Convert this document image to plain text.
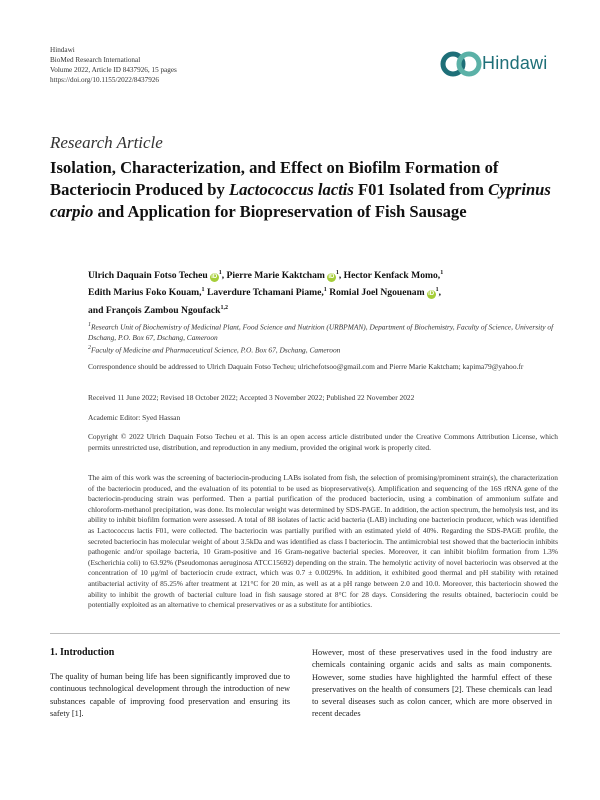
Hindawi
BioMed Research International
Volume 2022, Article ID 8437926, 15 pages
https://doi.org/10.1155/2022/8437926
Hindawi
Research Article
Isolation, Characterization, and Effect on Biofilm Formation of Bacteriocin Produced by Lactococcus lactis F01 Isolated from Cyprinus carpio and Application for Biopreservation of Fish Sausage
Ulrich Daquain Fotso Techeu $iD^1$, Pierre Marie Kaktcham $iD^1$, Hector Kenfack Momo,$^1$
Edith Marius Foko Kouam,$^1$ Laverdure Tchamani Piame,$^1$ Romial Joel Ngouenam $iD^1$,
and François Zambou Ngoufack$^{1,2}$
$^1$Research Unit of Biochemistry of Medicinal Plant, Food Science and Nutrition (URBPMAN), Department of Biochemistry, Faculty of Science, University of Dschang, P.O. Box 67, Dschang, Cameroon
$^2$Faculty of Medicine and Pharmaceutical Science, P.O. Box 67, Dschang, Cameroon
Correspondence should be addressed to Ulrich Daquain Fotso Techeu; ulrichefotsoo@gmail.com and Pierre Marie Kaktcham; kapima79@yahoo.fr
Received 11 June 2022; Revised 18 October 2022; Accepted 3 November 2022; Published 22 November 2022
Academic Editor: Syed Hassan
Copyright © 2022 Ulrich Daquain Fotso Techeu et al. This is an open access article distributed under the Creative Commons Attribution License, which permits unrestricted use, distribution, and reproduction in any medium, provided the original work is properly cited.

The aim of this work was the screening of bacteriocin-producing LABs isolated from fish, the selection of promising/prominent strain(s), the characterization of the bacteriocin produced, and the evaluation of its potential to be used as biopreservative(s). Amplification and sequencing of the 16S rRNA gene of the bacteriocin-producing strain was performed. Then a partial purification of the produced bacteriocin, using a combination of ammonium sulfate and chloroform-methanol precipitation, was done. Its molecular weight was determined by SDS-PAGE. In addition, the action spectrum, the hemolysis test, and its ability to inhibit biofilm formation were assessed. A total of 88 isolates of lactic acid bacteria (LAB) including one bacteriocin producer, which was identified as Lactococcus lactis F01, were collected. The bacteriocin was partially purified with an estimated yield of 40%. Regarding the SDS-PAGE profile, the secreted bacteriocin has molecular weight of about 3.5kDa and was identified as class I bacteriocin. The antimicrobial test showed that the bacteriocin inhibits pathogenic and/or spoilage bacteria, 10 Gram-positive and 16 Gram-negative bacterial species. Moreover, it can inhibit biofilm formation from 1.3% (Escherichia coli) to 63.92% (Pseudomonas aeruginosa ATCC15692) depending on the strain. The hemolytic activity of novel bacteriocin was observed at the concentration of 10 μg/ml of bacteriocin crude extract, which was 0.7 ± 0.0029%. In addition, it exhibited good thermal and pH stability with retained antibacterial activity of 85.25% after treatment at 121°C for 20 min, as well as at a pH range between 2.0 and 10.0. Moreover, this bacteriocin showed the ability to inhibit the growth of bacterial culture load in fish sausage stored at 8°C for 28 days. Considering the results obtained, bacteriocin could be potentially exploited as an alternative to chemical preservatives or as a substitute for antibiotics.

1. Introduction
The quality of human being life has been significantly improved due to continuous technological development through the introduction of new substances capable of improving food preservation and ensuring its safety [1].
However, most of these preservatives used in the food industry are chemicals containing organic acids and salts as main components. However, some studies have highlighted the harmful effect of these preservatives on the health of consumers [2]. These chemicals can lead to several diseases such as colon cancer, which are more observed in recent decades
